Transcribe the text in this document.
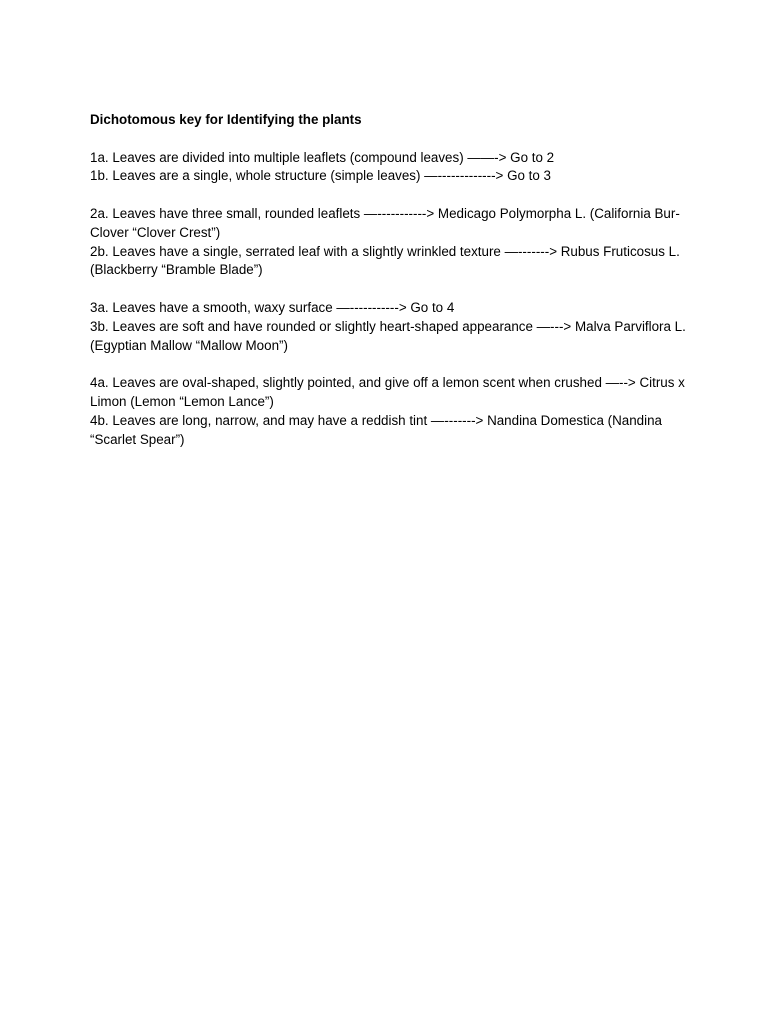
Dichotomous key for Identifying the plants

1a. Leaves are divided into multiple leaflets (compound leaves) ——-> Go to 2

1b. Leaves are a single, whole structure (simple leaves) —-------------> Go to 3

2a. Leaves have three small, rounded leaflets —-----------> Medicago Polymorpha L. (California Bur-Clover “Clover Crest”)

2b. Leaves have a single, serrated leaf with a slightly wrinkled texture —-------> Rubus Fruticosus L. (Blackberry “Bramble Blade”)

3a. Leaves have a smooth, waxy surface —-----------> Go to 4

3b. Leaves are soft and have rounded or slightly heart-shaped appearance —---> Malva Parviflora L. (Egyptian Mallow “Mallow Moon”)

4a. Leaves are oval-shaped, slightly pointed, and give off a lemon scent when crushed —--> Citrus x Limon (Lemon “Lemon Lance”)

4b. Leaves are long, narrow, and may have a reddish tint —-------> Nandina Domestica (Nandina “Scarlet Spear”)
